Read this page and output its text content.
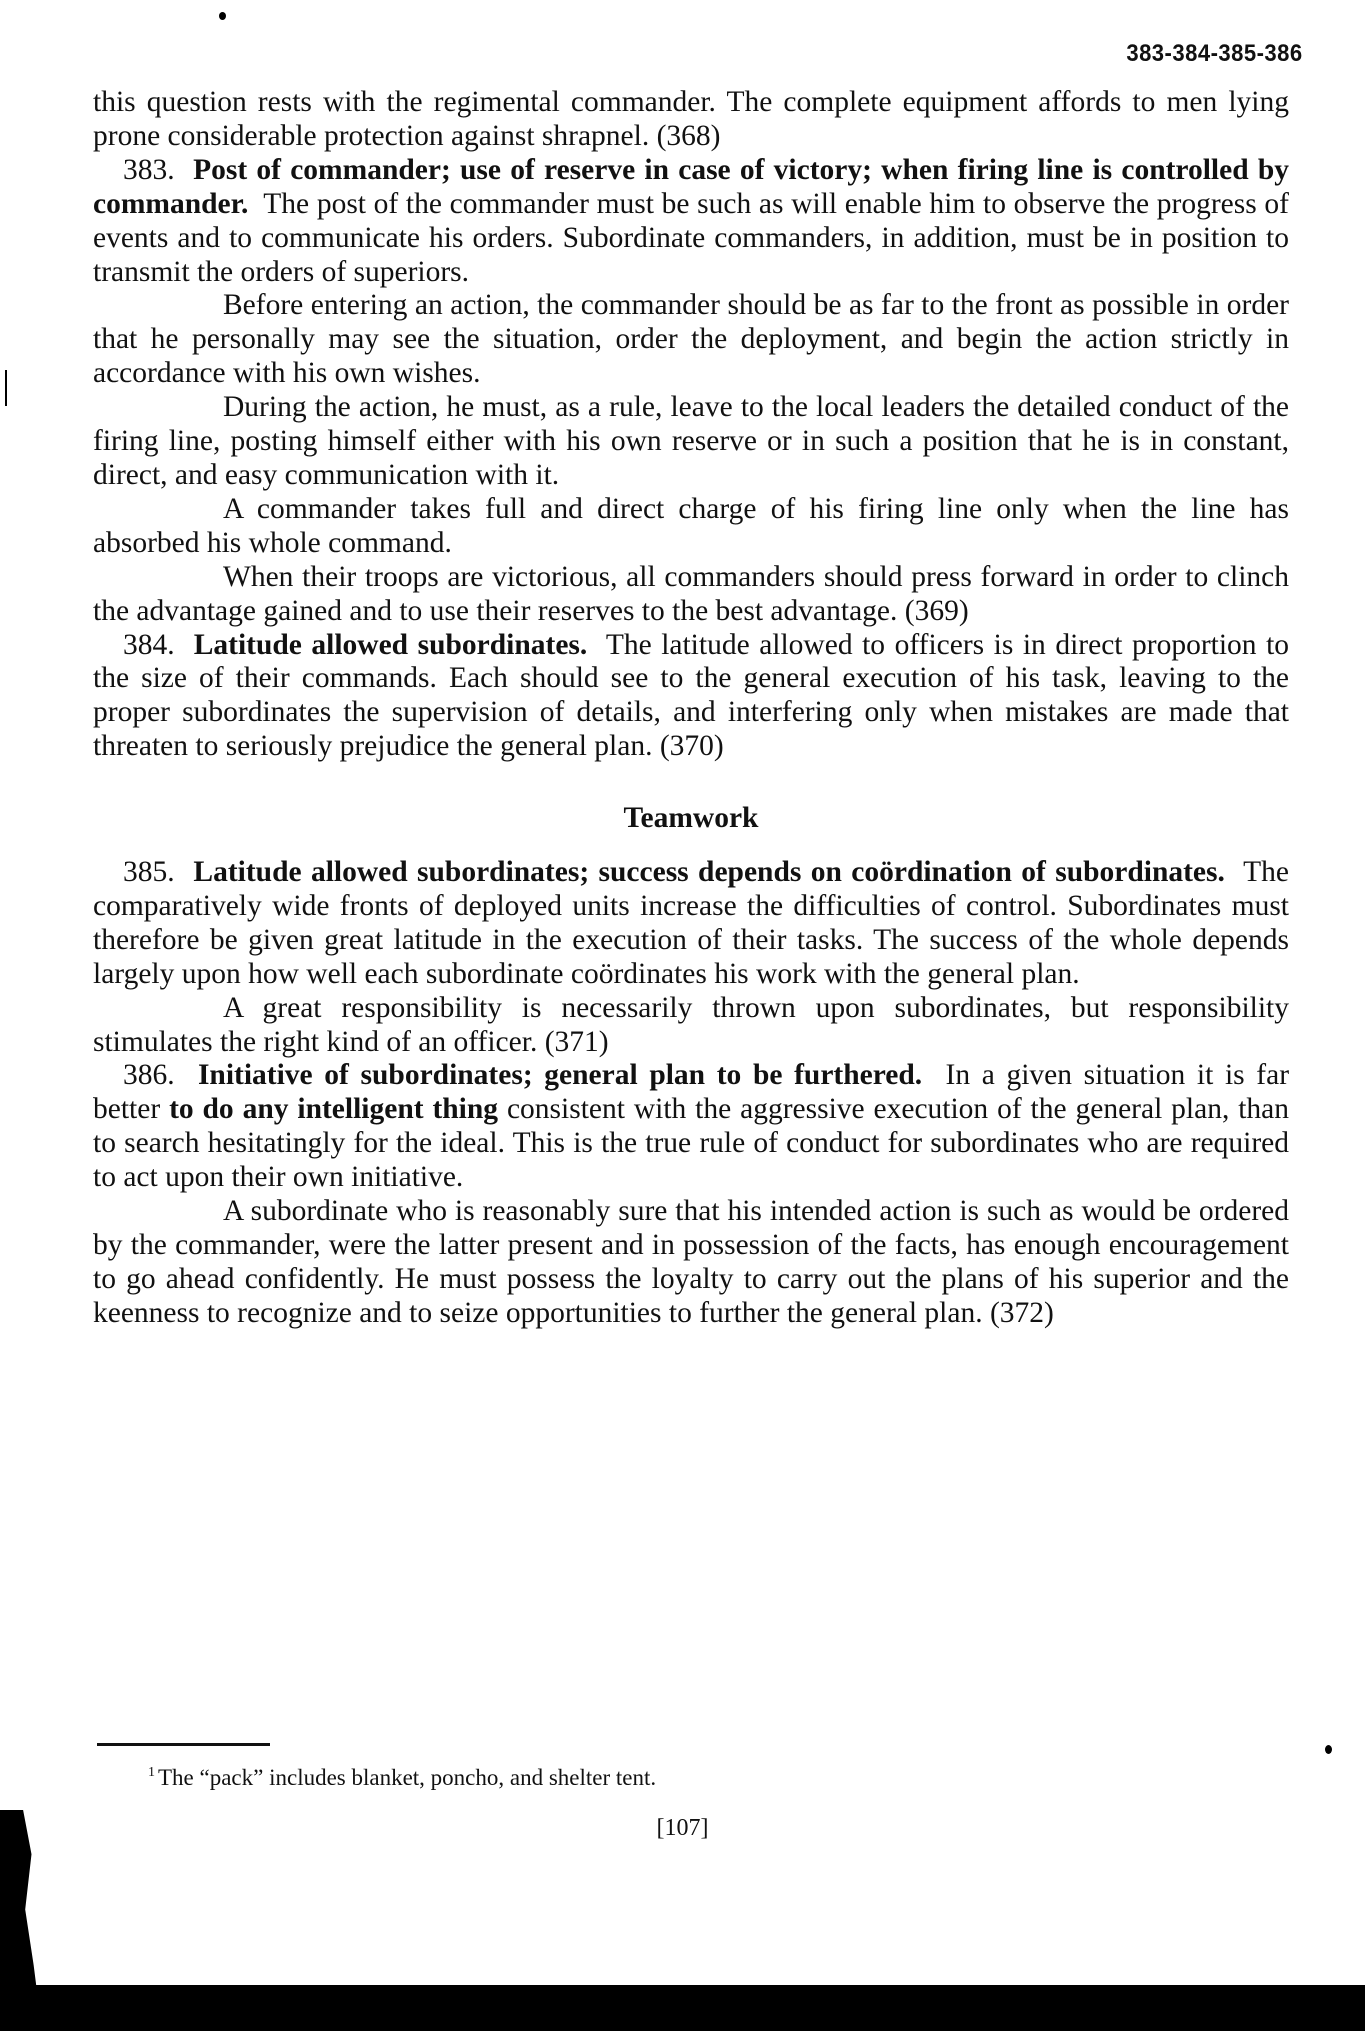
383-384-385-386

this question rests with the regimental commander. The complete equipment affords to men lying prone considerable protection against shrapnel. (368)

383. Post of commander; use of reserve in case of victory; when firing line is controlled by commander. The post of the commander must be such as will enable him to observe the progress of events and to communicate his orders. Subordinate commanders, in addition, must be in position to transmit the orders of superiors.

Before entering an action, the commander should be as far to the front as possible in order that he personally may see the situation, order the deployment, and begin the action strictly in accordance with his own wishes.

During the action, he must, as a rule, leave to the local leaders the detailed conduct of the firing line, posting himself either with his own reserve or in such a position that he is in constant, direct, and easy communication with it.

A commander takes full and direct charge of his firing line only when the line has absorbed his whole command.

When their troops are victorious, all commanders should press forward in order to clinch the advantage gained and to use their reserves to the best advantage. (369)

384. Latitude allowed subordinates. The latitude allowed to officers is in direct proportion to the size of their commands. Each should see to the general execution of his task, leaving to the proper subordinates the supervision of details, and interfering only when mistakes are made that threaten to seriously prejudice the general plan. (370)

Teamwork

385. Latitude allowed subordinates; success depends on coördination of subordinates. The comparatively wide fronts of deployed units increase the difficulties of control. Subordinates must therefore be given great latitude in the execution of their tasks. The success of the whole depends largely upon how well each subordinate coördinates his work with the general plan.

A great responsibility is necessarily thrown upon subordinates, but responsibility stimulates the right kind of an officer. (371)

386. Initiative of subordinates; general plan to be furthered. In a given situation it is far better to do any intelligent thing consistent with the aggressive execution of the general plan, than to search hesitatingly for the ideal. This is the true rule of conduct for subordinates who are required to act upon their own initiative.

A subordinate who is reasonably sure that his intended action is such as would be ordered by the commander, were the latter present and in possession of the facts, has enough encouragement to go ahead confidently. He must possess the loyalty to carry out the plans of his superior and the keenness to recognize and to seize opportunities to further the general plan. (372)

$^1$ The “pack” includes blanket, poncho, and shelter tent.
[107]
